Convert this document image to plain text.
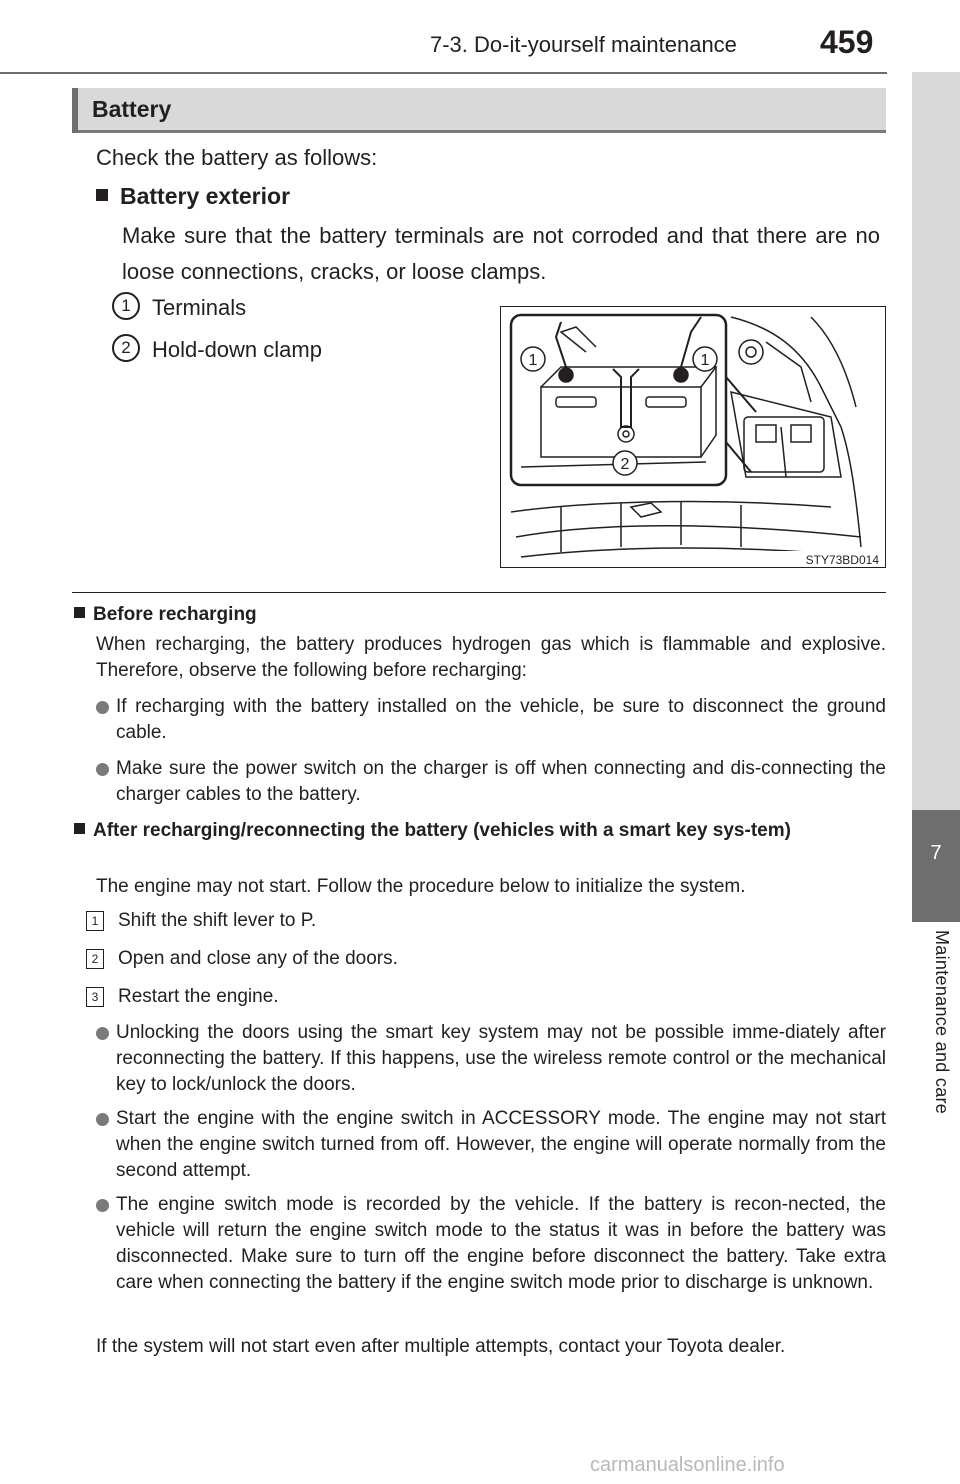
7-3. Do-it-yourself maintenance	459
7
Maintenance and care
Battery
Check the battery as follows:
Battery exterior
Make sure that the battery terminals are not corroded and that there are no loose connections, cracks, or loose clamps.
1 Terminals
2 Hold-down clamp	1	1
2
STY73BD014
Before recharging
When recharging, the battery produces hydrogen gas which is flammable and explosive. Therefore, observe the following before recharging:
If recharging with the battery installed on the vehicle, be sure to disconnect the ground cable.
Make sure the power switch on the charger is off when connecting and dis-connecting the charger cables to the battery.
After recharging/reconnecting the battery (vehicles with a smart key sys-tem)
The engine may not start. Follow the procedure below to initialize the system.
1 Shift the shift lever to P.
2 Open and close any of the doors.
3 Restart the engine.
Unlocking the doors using the smart key system may not be possible imme-diately after reconnecting the battery. If this happens, use the wireless remote control or the mechanical key to lock/unlock the doors.
Start the engine with the engine switch in ACCESSORY mode. The engine may not start when the engine switch turned from off. However, the engine will operate normally from the second attempt.
The engine switch mode is recorded by the vehicle. If the battery is recon-nected, the vehicle will return the engine switch mode to the status it was in before the battery was disconnected. Make sure to turn off the engine before disconnect the battery. Take extra care when connecting the battery if the engine switch mode prior to discharge is unknown.
If the system will not start even after multiple attempts, contact your Toyota dealer.
carmanualsonline.info
